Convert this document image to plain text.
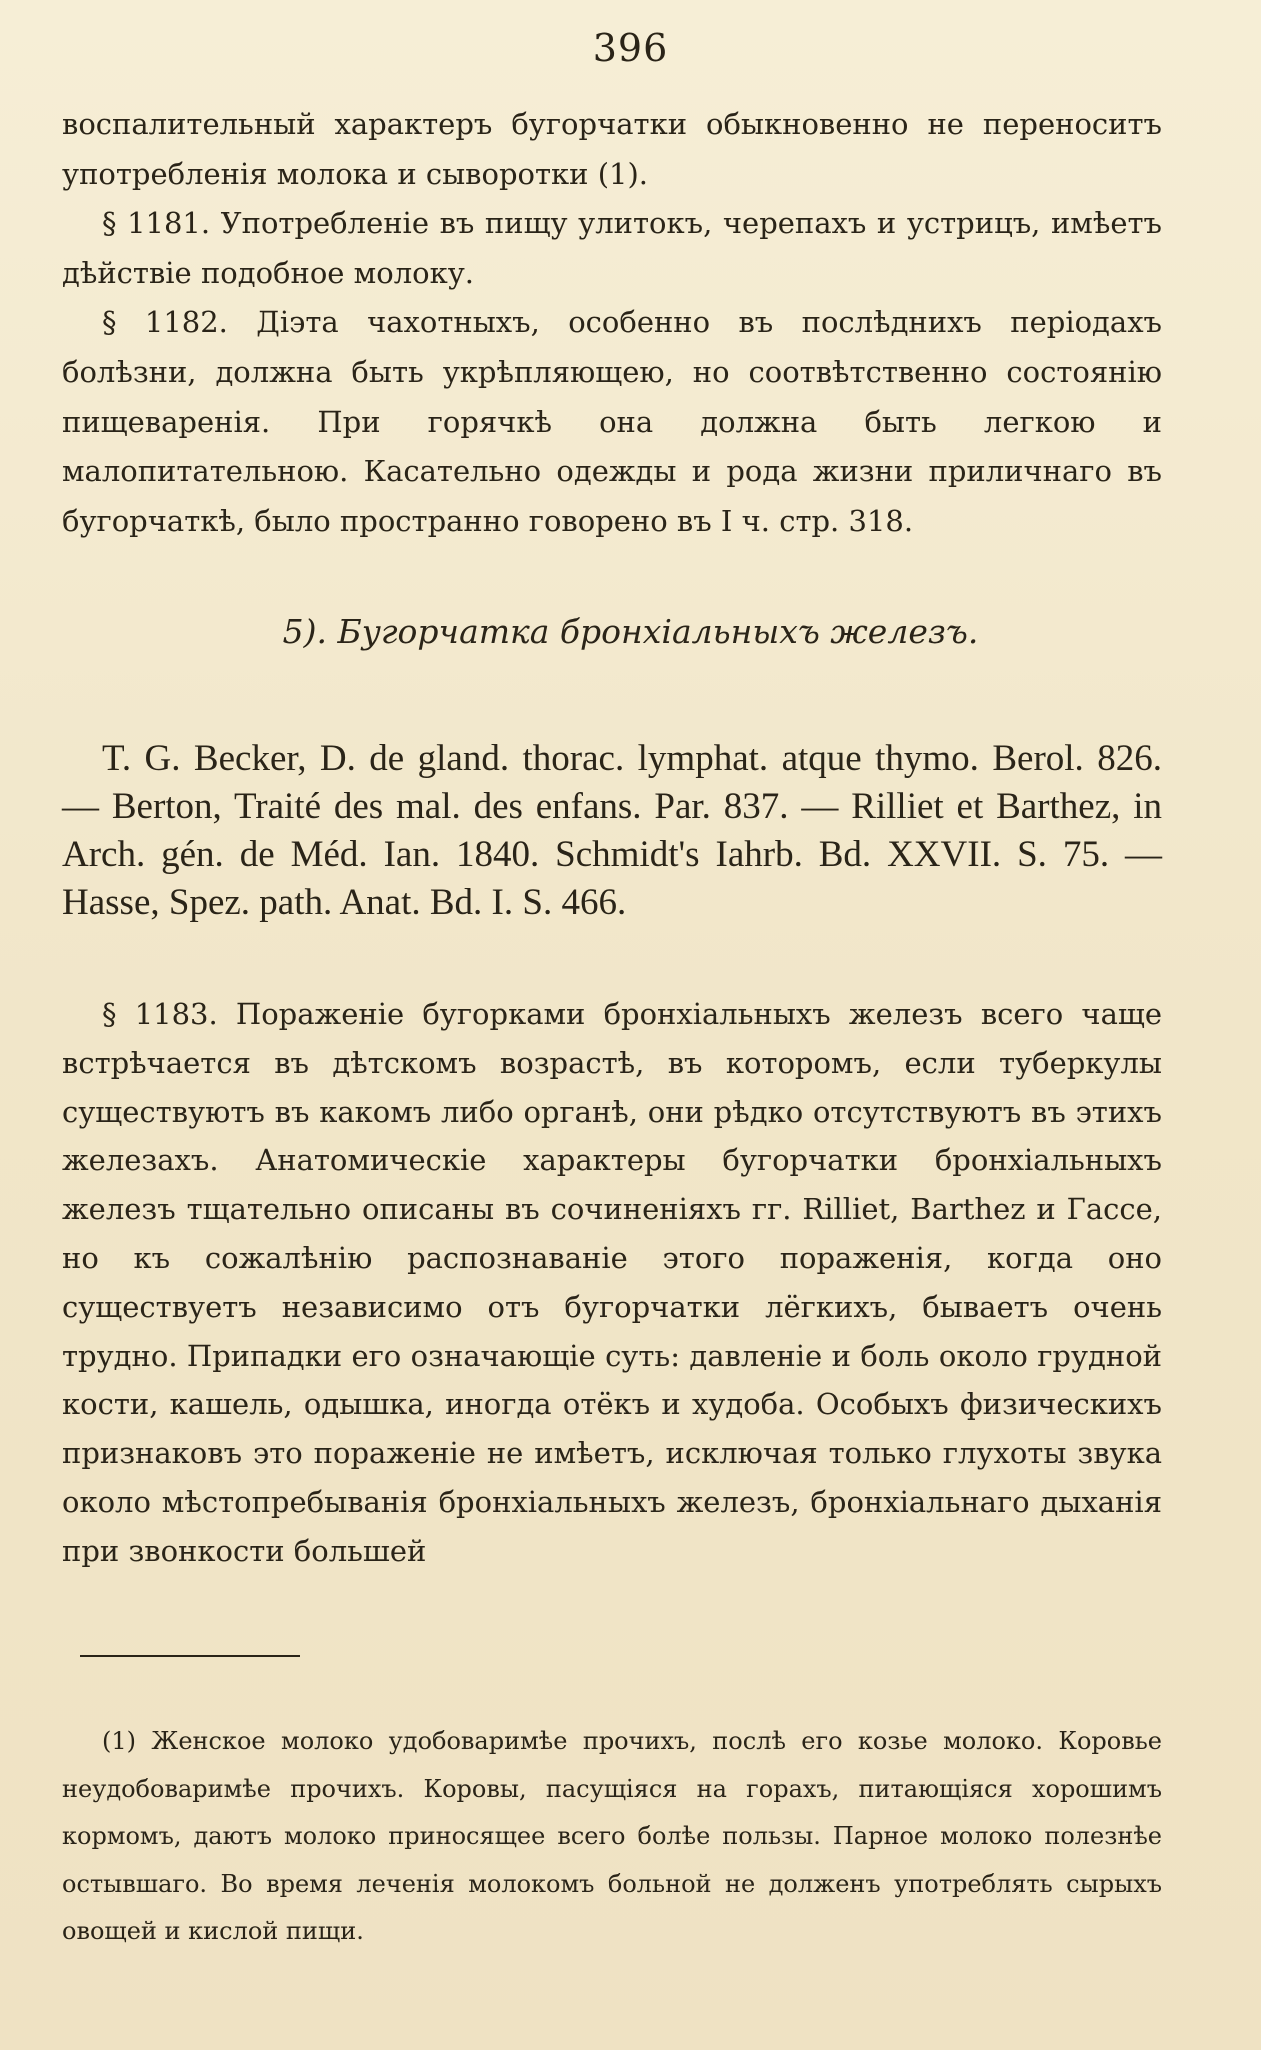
396

воспалительный характеръ бугорчатки обыкновенно не переноситъ употребленія молока и сыворотки (1).

§ 1181. Употребленіе въ пищу улитокъ, черепахъ и устрицъ, имѣетъ дѣйствіе подобное молоку.

§ 1182. Діэта чахотныхъ, особенно въ послѣднихъ періодахъ болѣзни, должна быть укрѣпляющею, но соотвѣтственно состоянію пищеваренія. При горячкѣ она должна быть легкою и малопитательною. Касательно одежды и рода жизни приличнаго въ бугорчаткѣ, было пространно говорено въ I ч. стр. 318.

5). Бугорчатка бронхіальныхъ железъ.

T. G. Becker, D. de gland. thorac. lymphat. atque thymo. Berol. 826. — Berton, Traité des mal. des enfans. Par. 837. — Rilliet et Barthez, in Arch. gén. de Méd. Ian. 1840. Schmidt's Iahrb. Bd. XXVII. S. 75. — Hasse, Spez. path. Anat. Bd. I. S. 466.

§ 1183. Пораженіе бугорками бронхіальныхъ железъ всего чаще встрѣчается въ дѣтскомъ возрастѣ, въ которомъ, если туберкулы существуютъ въ какомъ либо органѣ, они рѣдко отсутствуютъ въ этихъ железахъ. Анатомическіе характеры бугорчатки бронхіальныхъ железъ тщательно описаны въ сочиненіяхъ гг. Rilliet, Barthez и Гассе, но къ сожалѣнію распознаваніе этого пораженія, когда оно существуетъ независимо отъ бугорчатки лёгкихъ, бываетъ очень трудно. Припадки его означающіе суть: давленіе и боль около грудной кости, кашель, одышка, иногда отёкъ и худоба. Особыхъ физическихъ признаковъ это пораженіе не имѣетъ, исключая только глухоты звука около мѣстопребыванія бронхіальныхъ железъ, бронхіальнаго дыханія при звонкости большей

(1) Женское молоко удобоваримѣе прочихъ, послѣ его козье молоко. Коровье неудобоваримѣе прочихъ. Коровы, пасущіяся на горахъ, питающіяся хорошимъ кормомъ, даютъ молоко приносящее всего болѣе пользы. Парное молоко полезнѣе остывшаго. Во время леченія молокомъ больной не долженъ употреблять сырыхъ овощей и кислой пищи.
